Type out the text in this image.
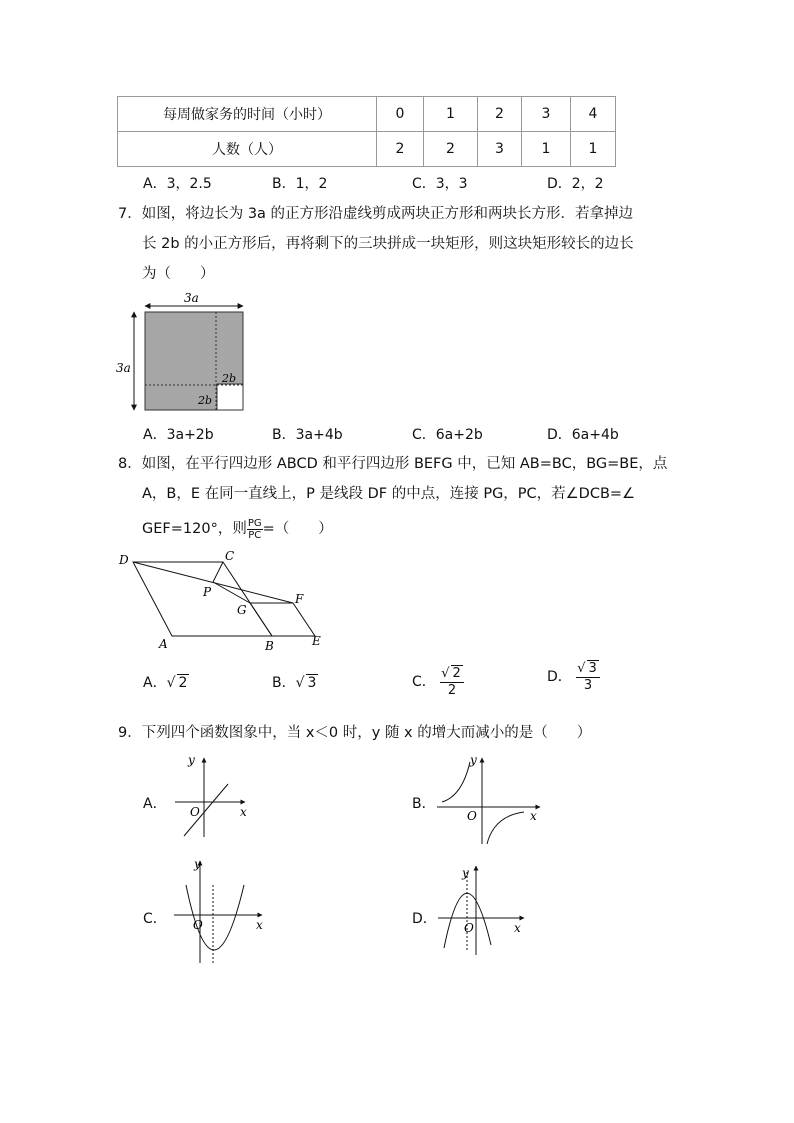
每周做家务的时间（小时）	0	1	2	3	4
人数（人）	2	2	3	1	1
A．3，2.5	B．1，2	C．3，3	D．2，2
7．如图，将边长为 3a 的正方形沿虚线剪成两块正方形和两块长方形．若拿掉边
长 2b 的小正方形后，再将剩下的三块拼成一块矩形，则这块矩形较长的边长
为（　　）
3a
3a
2b
2b
A．3a+2b	B．3a+4b	C．6a+2b	D．6a+4b
8．如图，在平行四边形 ABCD 和平行四边形 BEFG 中，已知 AB=BC，BG=BE，点
A，B，E 在同一直线上，P 是线段 DF 的中点，连接 PG，PC，若∠DCB=∠
GEF=120°，则 $\frac{PG}{PC}$ =（　　）
D	C
P
G
F
A	B	E
A．√ 2	B．√ 3	C． $\frac{√ 2}{2}$	D． $\frac{√ 3}{3}$
9．下列四个函数图象中，当 x＜0 时，y 随 x 的增大而减小的是（　　）
A．
y
x
O	B．
y
x
O
C．
y
x
O	D．
y
x
O
